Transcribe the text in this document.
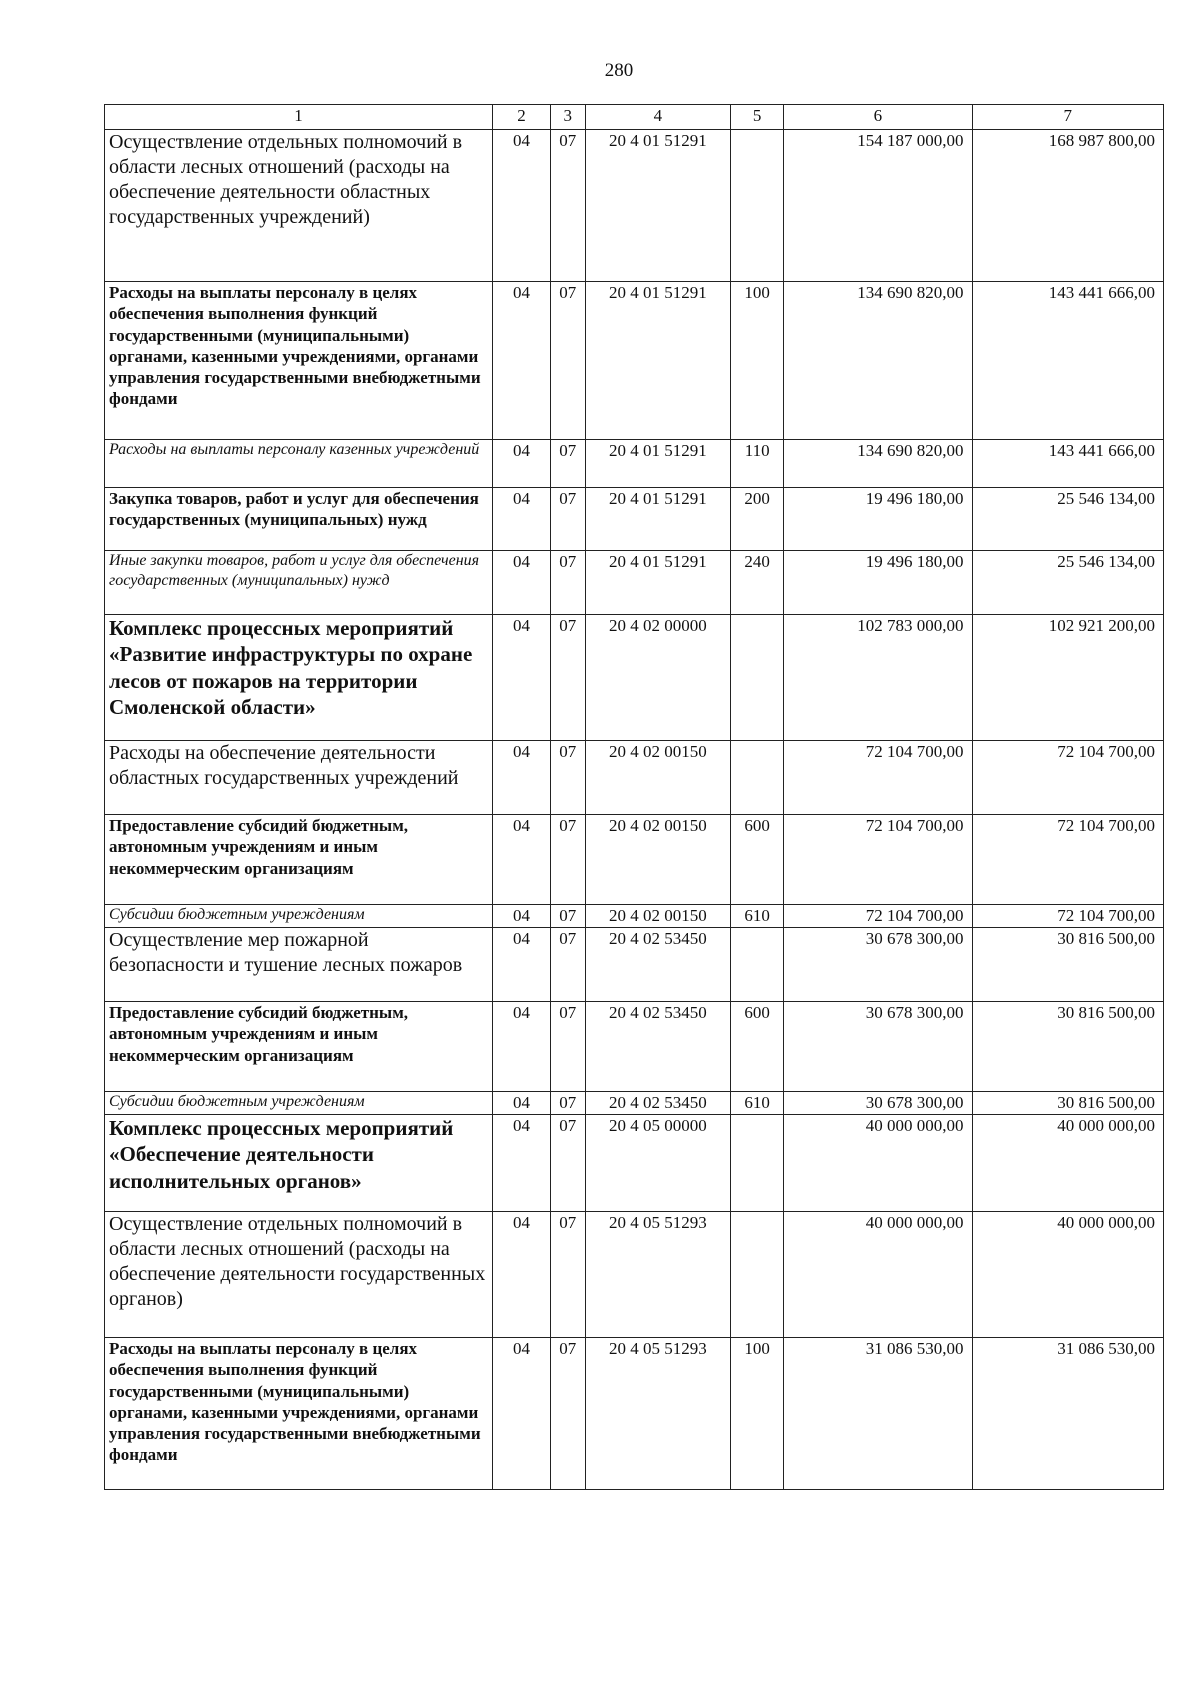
280
1	2	3	4	5	6	7
Осуществление отдельных полномочий в области лесных отношений (расходы на обеспечение деятельности областных государственных учреждений)	04	07	20 4 01 51291		154 187 000,00	168 987 800,00
Расходы на выплаты персоналу в целях обеспечения выполнения функций государственными (муниципальными) органами, казенными учреждениями, органами управления государственными внебюджетными фондами	04	07	20 4 01 51291	100	134 690 820,00	143 441 666,00
Расходы на выплаты персоналу казенных учреждений	04	07	20 4 01 51291	110	134 690 820,00	143 441 666,00
Закупка товаров, работ и услуг для обеспечения государственных (муниципальных) нужд	04	07	20 4 01 51291	200	19 496 180,00	25 546 134,00
Иные закупки товаров, работ и услуг для обеспечения государственных (муниципальных) нужд	04	07	20 4 01 51291	240	19 496 180,00	25 546 134,00
Комплекс процессных мероприятий «Развитие инфраструктуры по охране лесов от пожаров на территории Смоленской области»	04	07	20 4 02 00000		102 783 000,00	102 921 200,00
Расходы на обеспечение деятельности областных государственных учреждений	04	07	20 4 02 00150		72 104 700,00	72 104 700,00
Предоставление субсидий бюджетным, автономным учреждениям и иным некоммерческим организациям	04	07	20 4 02 00150	600	72 104 700,00	72 104 700,00
Субсидии бюджетным учреждениям	04	07	20 4 02 00150	610	72 104 700,00	72 104 700,00
Осуществление мер пожарной безопасности и тушение лесных пожаров	04	07	20 4 02 53450		30 678 300,00	30 816 500,00
Предоставление субсидий бюджетным, автономным учреждениям и иным некоммерческим организациям	04	07	20 4 02 53450	600	30 678 300,00	30 816 500,00
Субсидии бюджетным учреждениям	04	07	20 4 02 53450	610	30 678 300,00	30 816 500,00
Комплекс процессных мероприятий «Обеспечение деятельности исполнительных органов»	04	07	20 4 05 00000		40 000 000,00	40 000 000,00
Осуществление отдельных полномочий в области лесных отношений (расходы на обеспечение деятельности государственных органов)	04	07	20 4 05 51293		40 000 000,00	40 000 000,00
Расходы на выплаты персоналу в целях обеспечения выполнения функций государственными (муниципальными) органами, казенными учреждениями, органами управления государственными внебюджетными фондами	04	07	20 4 05 51293	100	31 086 530,00	31 086 530,00
